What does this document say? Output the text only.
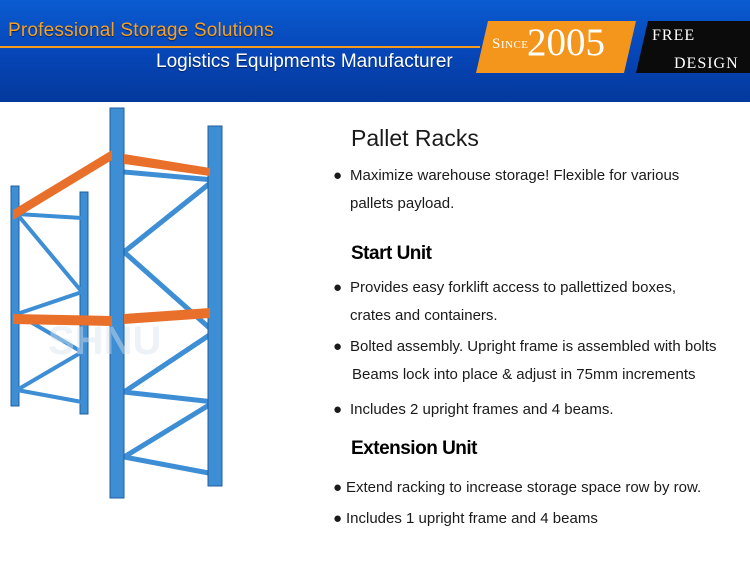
Professional Storage Solutions
Logistics Equipments Manufacturer
Since
2005	FREE
DESIGN
SHNU
Pallet Racks
● Maximize warehouse storage! Flexible for various
pallets payload.
Start Unit
● Provides easy forklift access to pallettized boxes,
crates and containers.
● Bolted assembly. Upright frame is assembled with bolts
Beams lock into place & adjust in 75mm increments
● Includes 2 upright frames and 4 beams.
Extension Unit
● Extend racking to increase storage space row by row.
● Includes 1 upright frame and 4 beams
